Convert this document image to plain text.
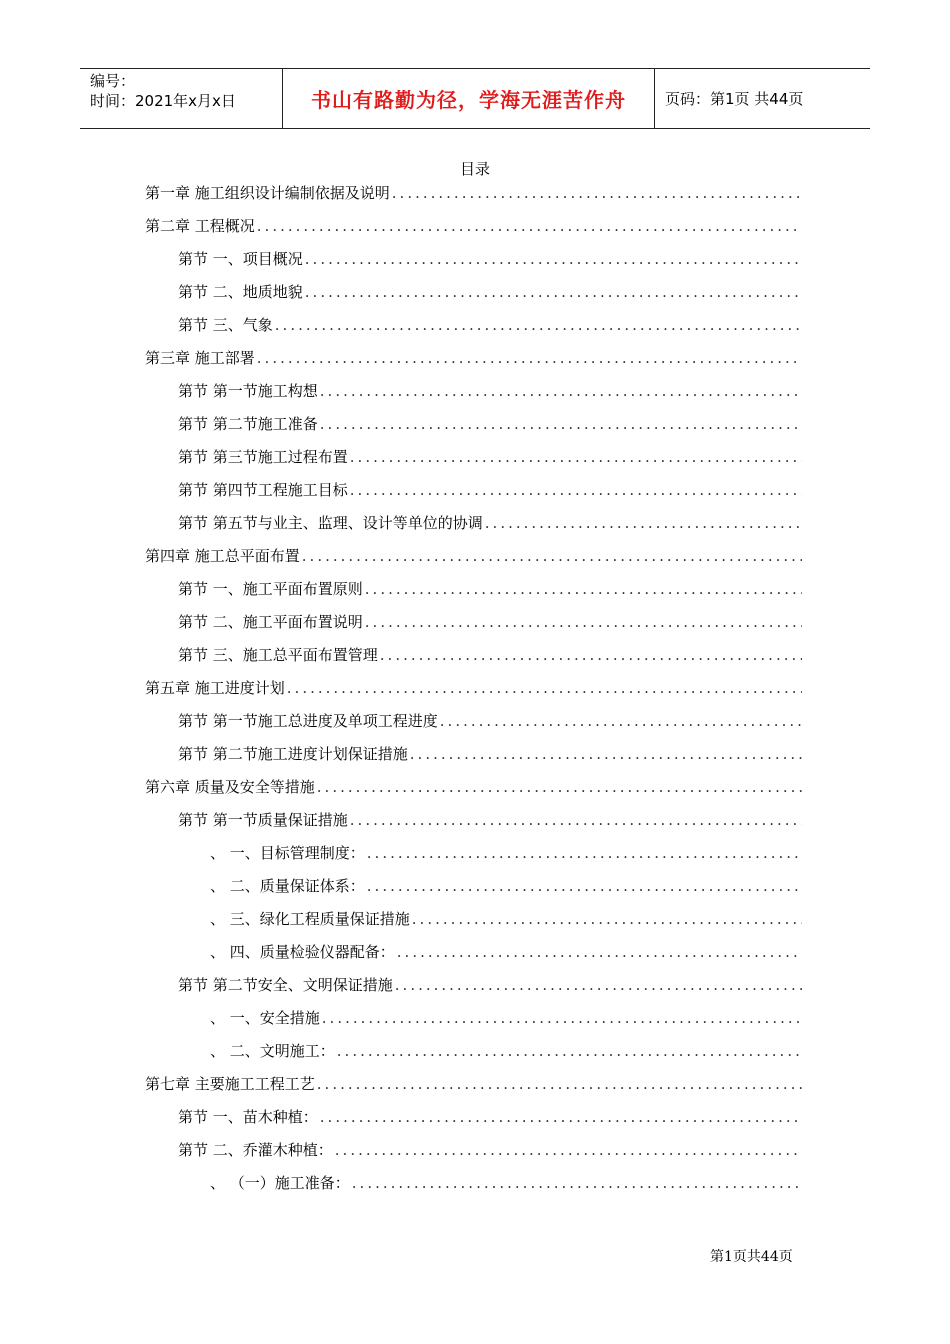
编号：
时间：2021年x月x日	书山有路勤为径，学海无涯苦作舟	页码：第1页 共44页
目录
第一章 施工组织设计编制依据及说明
.....
第二章 工程概况
.....
第节 一、项目概况
.....
第节 二、地质地貌
.....
第节 三、气象
.....
第三章 施工部署
.....
第节 第一节施工构想
.....
第节 第二节施工准备
.....
第节 第三节施工过程布置
.....
第节 第四节工程施工目标
.....
第节 第五节与业主、监理、设计等单位的协调
.....
第四章 施工总平面布置
.....
第节 一、施工平面布置原则
.....
第节 二、施工平面布置说明
.....
第节 三、施工总平面布置管理
.....
第五章 施工进度计划
.....
第节 第一节施工总进度及单项工程进度
.....
第节 第二节施工进度计划保证措施
.....
第六章 质量及安全等措施
.....
第节 第一节质量保证措施
.....
、 一、目标管理制度：
.....
、 二、质量保证体系：
.....
、 三、绿化工程质量保证措施
.....
、 四、质量检验仪器配备：
.....
第节 第二节安全、文明保证措施
.....
、 一、安全措施
.....
、 二、文明施工：
.....
第七章 主要施工工程工艺
.....
第节 一、苗木种植：
.....
第节 二、乔灌木种植：
.....
、 （一）施工准备：
.....
第1页共44页
